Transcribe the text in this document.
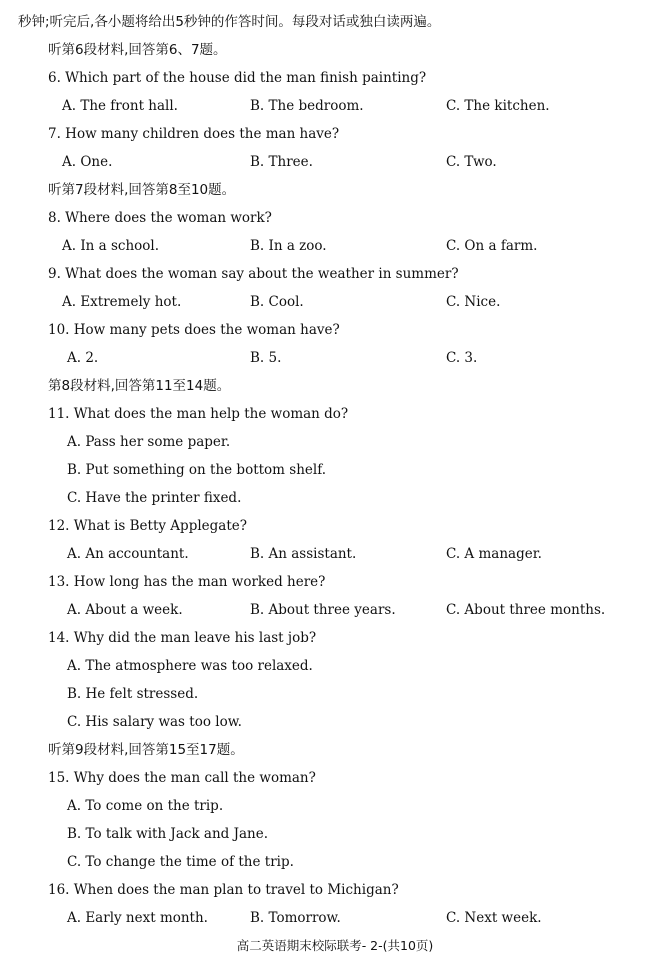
秒钟;听完后,各小题将给出5秒钟的作答时间。每段对话或独白读两遍。
听第6段材料,回答第6、7题。
6. Which part of the house did the man finish painting?
A. The front hall.	B. The bedroom.	C. The kitchen.
7. How many children does the man have?
A. One.	B. Three.	C. Two.
听第7段材料,回答第8至10题。
8. Where does the woman work?
A. In a school.	B. In a zoo.	C. On a farm.
9. What does the woman say about the weather in summer?
A. Extremely hot.	B. Cool.	C. Nice.
10. How many pets does the woman have?
A. 2.	B. 5.	C. 3.
第8段材料,回答第11至14题。
11. What does the man help the woman do?
A. Pass her some paper.
B. Put something on the bottom shelf.
C. Have the printer fixed.
12. What is Betty Applegate?
A. An accountant.	B. An assistant.	C. A manager.
13. How long has the man worked here?
A. About a week.	B. About three years.	C. About three months.
14. Why did the man leave his last job?
A. The atmosphere was too relaxed.
B. He felt stressed.
C. His salary was too low.
听第9段材料,回答第15至17题。
15. Why does the man call the woman?
A. To come on the trip.
B. To talk with Jack and Jane.
C. To change the time of the trip.
16. When does the man plan to travel to Michigan?
A. Early next month.	B. Tomorrow.	C. Next week.
高二英语期末校际联考- 2-(共10页)
